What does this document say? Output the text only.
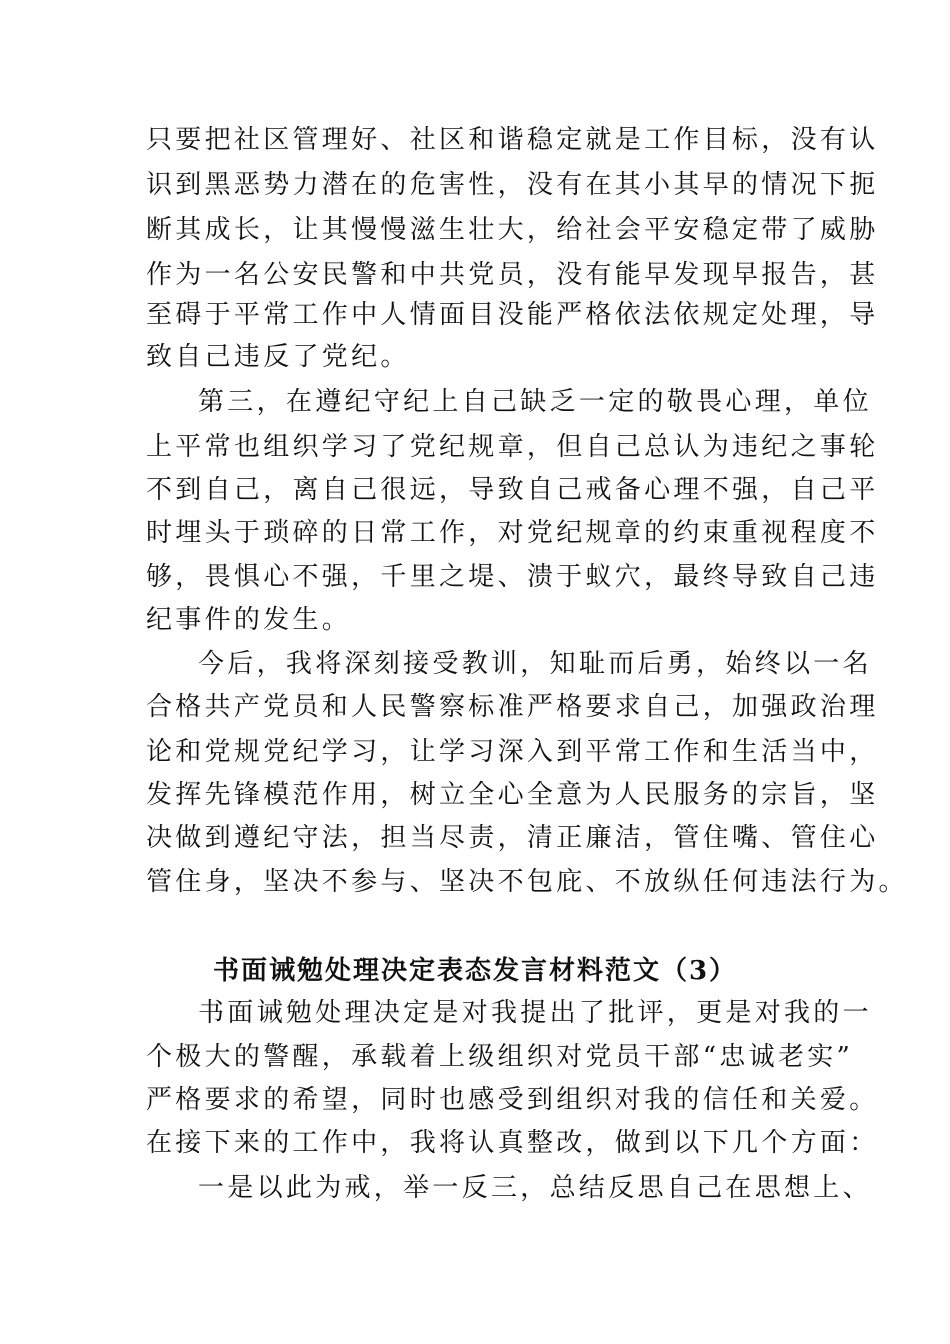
只要把社区管理好、社区和谐稳定就是工作目标，没有认
识到黑恶势力潜在的危害性，没有在其小其早的情况下扼
断其成长，让其慢慢滋生壮大，给社会平安稳定带了威胁
作为一名公安民警和中共党员，没有能早发现早报告，甚
至碍于平常工作中人情面目没能严格依法依规定处理，导
致自己违反了党纪。
第三，在遵纪守纪上自己缺乏一定的敬畏心理，单位
上平常也组织学习了党纪规章，但自己总认为违纪之事轮
不到自己，离自己很远，导致自己戒备心理不强，自己平
时埋头于琐碎的日常工作，对党纪规章的约束重视程度不
够，畏惧心不强，千里之堤、溃于蚁穴，最终导致自己违
纪事件的发生。
今后，我将深刻接受教训，知耻而后勇，始终以一名
合格共产党员和人民警察标准严格要求自己，加强政治理
论和党规党纪学习，让学习深入到平常工作和生活当中，
发挥先锋模范作用，树立全心全意为人民服务的宗旨，坚
决做到遵纪守法，担当尽责，清正廉洁，管住嘴、管住心
管住身，坚决不参与、坚决不包庇、不放纵任何违法行为。
书面诫勉处理决定表态发言材料范文（3）
书面诫勉处理决定是对我提出了批评，更是对我的一
个极大的警醒，承载着上级组织对党员干部“忠诚老实”
严格要求的希望，同时也感受到组织对我的信任和关爱。
在接下来的工作中，我将认真整改，做到以下几个方面：
一是以此为戒，举一反三，总结反思自己在思想上、
